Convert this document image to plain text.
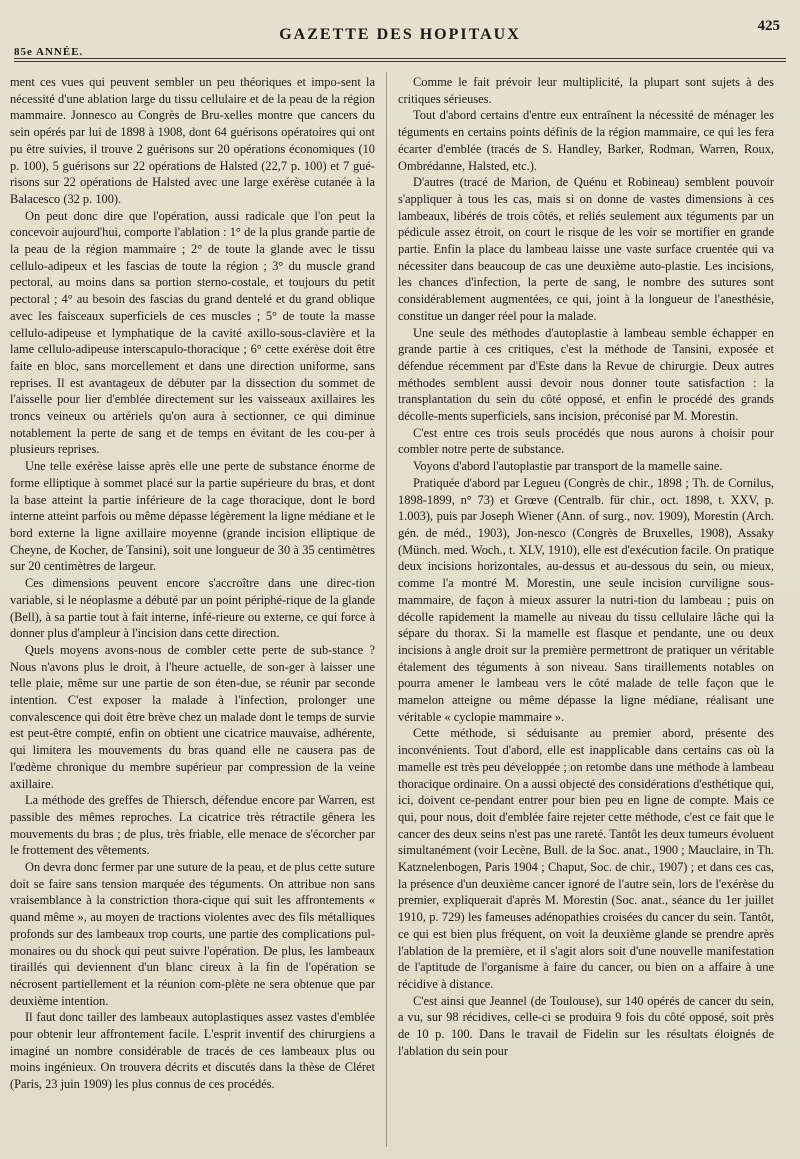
85e ANNÉE.
GAZETTE DES HOPITAUX	425

ment ces vues qui peuvent sembler un peu théoriques et impo-sent la nécessité d'une ablation large du tissu cellulaire et de la peau de la région mammaire. Jonnesco au Congrès de Bru-xelles montre que cancers du sein opérés par lui de 1898 à 1908, dont 64 guérisons opératoires qui ont pu être suivies, il trouve 2 guérisons sur 20 opérations économiques (10 p. 100), 5 guérisons sur 22 opérations de Halsted (22,7 p. 100) et 7 gué-risons sur 22 opérations de Halsted avec une large exérèse cutanée à la Balacesco (32 p. 100).

On peut donc dire que l'opération, aussi radicale que l'on peut la concevoir aujourd'hui, comporte l'ablation : 1° de la plus grande partie de la peau de la région mammaire ; 2° de toute la glande avec le tissu cellulo-adipeux et les fascias de toute la région ; 3° du muscle grand pectoral, au moins dans sa portion sterno-costale, et toujours du petit pectoral ; 4° au besoin des fascias du grand dentelé et du grand oblique avec les faisceaux superficiels de ces muscles ; 5° de toute la masse cellulo-adipeuse et lymphatique de la cavité axillo-sous-clavière et la lame cellulo-adipeuse interscapulo-thoracique ; 6° cette exérèse doit être faite en bloc, sans morcellement et dans une direction uniforme, sans reprises. Il est avantageux de débuter par la dissection du sommet de l'aisselle pour lier d'emblée directement sur les vaisseaux axillaires les troncs veineux ou artériels qu'on aura à sectionner, ce qui diminue notablement la perte de sang et de temps en évitant de les cou-per à plusieurs reprises.

Une telle exérèse laisse après elle une perte de substance énorme de forme elliptique à sommet placé sur la partie supérieure du bras, et dont la base atteint la partie inférieure de la cage thoracique, dont le bord interne atteint parfois ou même dépasse légèrement la ligne médiane et le bord externe la ligne axillaire moyenne (grande incision elliptique de Cheyne, de Kocher, de Tansini), soit une longueur de 30 à 35 centimètres sur 20 centimètres de largeur.

Ces dimensions peuvent encore s'accroître dans une direc-tion variable, si le néoplasme a débuté par un point périphé-rique de la glande (Bell), à sa partie tout à fait interne, infé-rieure ou externe, ce qui force à donner plus d'ampleur à l'incision dans cette direction.

Quels moyens avons-nous de combler cette perte de sub-stance ? Nous n'avons plus le droit, à l'heure actuelle, de son-ger à laisser une telle plaie, même sur une partie de son éten-due, se réunir par seconde intention. C'est exposer la malade à l'infection, prolonger une convalescence qui doit être brève chez un malade dont le temps de survie est peut-être compté, enfin on obtient une cicatrice mauvaise, adhérente, qui limitera les mouvements du bras quand elle ne causera pas de l'œdème chronique du membre supérieur par compression de la veine axillaire.

La méthode des greffes de Thiersch, défendue encore par Warren, est passible des mêmes reproches. La cicatrice très rétractile gênera les mouvements du bras ; de plus, très friable, elle menace de s'écorcher par le frottement des vêtements.

On devra donc fermer par une suture de la peau, et de plus cette suture doit se faire sans tension marquée des téguments. On attribue non sans vraisemblance à la constriction thora-cique qui suit les affrontements « quand même », au moyen de tractions violentes avec des fils métalliques profonds sur des lambeaux trop courts, une partie des complications pul-monaires ou du shock qui peut suivre l'opération. De plus, les lambeaux tiraillés qui deviennent d'un blanc cireux à la fin de l'opération se nécrosent partiellement et la réunion com-plète ne sera obtenue que par deuxième intention.

Il faut donc tailler des lambeaux autoplastiques assez vastes d'emblée pour obtenir leur affrontement facile. L'esprit inventif des chirurgiens a imaginé un nombre considérable de tracés de ces lambeaux plus ou moins ingénieux. On trouvera décrits et discutés dans la thèse de Cléret (Paris, 23 juin 1909) les plus connus de ces procédés.

Comme le fait prévoir leur multiplicité, la plupart sont sujets à des critiques sérieuses.

Tout d'abord certains d'entre eux entraînent la nécessité de ménager les téguments en certains points définis de la région mammaire, ce qui les fera écarter d'emblée (tracés de S. Handley, Barker, Rodman, Warren, Roux, Ombrédanne, Halsted, etc.).

D'autres (tracé de Marion, de Quénu et Robineau) semblent pouvoir s'appliquer à tous les cas, mais si on donne de vastes dimensions à ces lambeaux, libérés de trois côtés, et reliés seulement aux téguments par un pédicule assez étroit, on court le risque de les voir se mortifier en grande partie. Enfin la place du lambeau laisse une vaste surface cruentée qui va nécessiter dans beaucoup de cas une deuxième auto-plastie. Les incisions, les chances d'infection, la perte de sang, le nombre des sutures sont considérablement augmentées, ce qui, joint à la longueur de l'anesthésie, constitue un danger réel pour la malade.

Une seule des méthodes d'autoplastie à lambeau semble échapper en grande partie à ces critiques, c'est la méthode de Tansini, exposée et défendue récemment par d'Este dans la Revue de chirurgie. Deux autres méthodes semblent aussi devoir nous donner toute satisfaction : la transplantation du sein du côté opposé, et enfin le procédé des grands décolle-ments superficiels, sans incision, préconisé par M. Morestin.

C'est entre ces trois seuls procédés que nous aurons à choisir pour combler notre perte de substance.

Voyons d'abord l'autoplastie par transport de la mamelle saine.

Pratiquée d'abord par Legueu (Congrès de chir., 1898 ; Th. de Cornilus, 1898-1899, n° 73) et Grœve (Centralb. für chir., oct. 1898, t. XXV, p. 1.003), puis par Joseph Wiener (Ann. of surg., nov. 1909), Morestin (Arch. gén. de méd., 1903), Jon-nesco (Congrès de Bruxelles, 1908), Assaky (Münch. med. Woch., t. XLV, 1910), elle est d'exécution facile. On pratique deux incisions horizontales, au-dessus et au-dessous du sein, ou mieux, comme l'a montré M. Morestin, une seule incision curviligne sous-mammaire, de façon à mieux assurer la nutri-tion du lambeau ; puis on décolle rapidement la mamelle au niveau du tissu cellulaire lâche qui la sépare du thorax. Si la mamelle est flasque et pendante, une ou deux incisions à angle droit sur la première permettront de pratiquer un véritable étalement des téguments à son niveau. Sans tiraillements notables on pourra amener le lambeau vers le côté malade de telle façon que le mamelon atteigne ou même dépasse la ligne médiane, réalisant une véritable « cyclopie mammaire ».

Cette méthode, si séduisante au premier abord, présente des inconvénients. Tout d'abord, elle est inapplicable dans certains cas où la mamelle est très peu développée ; on retombe dans une méthode à lambeau thoracique ordinaire. On a aussi objecté des considérations d'esthétique qui, ici, doivent ce-pendant entrer pour bien peu en ligne de compte. Mais ce qui, pour nous, doit d'emblée faire rejeter cette méthode, c'est ce fait que le cancer des deux seins n'est pas une rareté. Tantôt les deux tumeurs évoluent simultanément (voir Lecène, Bull. de la Soc. anat., 1900 ; Mauclaire, in Th. Katznelenbogen, Paris 1904 ; Chaput, Soc. de chir., 1907) ; et dans ces cas, la présence d'un deuxième cancer ignoré de l'autre sein, lors de l'exérèse du premier, expliquerait d'après M. Morestin (Soc. anat., séance du 1er juillet 1910, p. 729) les fameuses adénopathies croisées du cancer du sein. Tantôt, ce qui est bien plus fréquent, on voit la deuxième glande se prendre après l'ablation de la première, et il s'agit alors soit d'une nouvelle manifestation de l'aptitude de l'organisme à faire du cancer, ou bien on a affaire à une récidive à distance.

C'est ainsi que Jeannel (de Toulouse), sur 140 opérés de cancer du sein, a vu, sur 98 récidives, celle-ci se produira 9 fois du côté opposé, soit près de 10 p. 100. Dans le travail de Fidelin sur les résultats éloignés de l'ablation du sein pour
